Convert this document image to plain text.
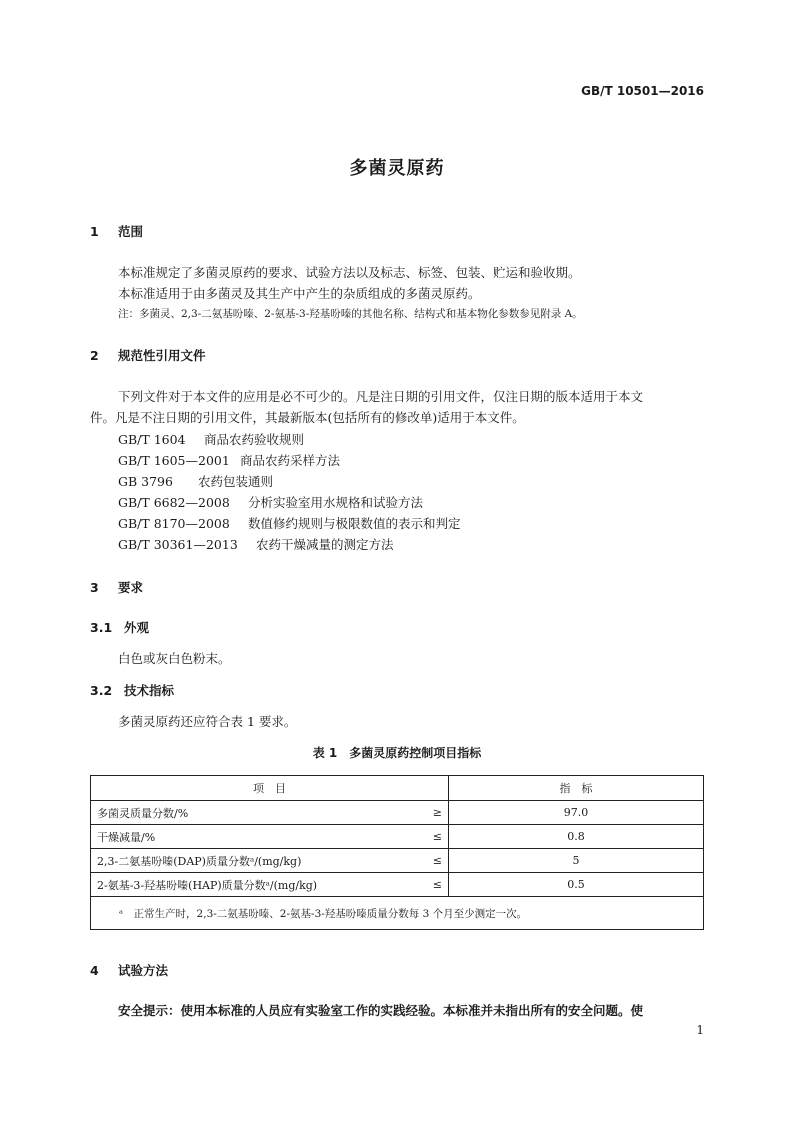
GB/T 10501—2016
多菌灵原药
1 范围
本标准规定了多菌灵原药的要求、试验方法以及标志、标签、包装、贮运和验收期。
本标准适用于由多菌灵及其生产中产生的杂质组成的多菌灵原药。
注：多菌灵、2,3-二氨基吩嗪、2-氨基-3-羟基吩嗪的其他名称、结构式和基本物化参数参见附录 A。
2 规范性引用文件
下列文件对于本文件的应用是必不可少的。凡是注日期的引用文件，仅注日期的版本适用于本文
件。凡是不注日期的引用文件，其最新版本(包括所有的修改单)适用于本文件。
GB/T 1604 商品农药验收规则
GB/T 1605—2001 商品农药采样方法
GB 3796 农药包装通则
GB/T 6682—2008 分析实验室用水规格和试验方法
GB/T 8170—2008 数值修约规则与极限数值的表示和判定
GB/T 30361—2013 农药干燥减量的测定方法
3 要求
3.1 外观
白色或灰白色粉末。
3.2 技术指标
多菌灵原药还应符合表 1 要求。
表 1　多菌灵原药控制项目指标
项　目		指　标
多菌灵质量分数/%	≥	97.0
干燥减量/%	≤	0.8
2,3-二氨基吩嗪(DAP)质量分数ᵃ/(mg/kg)	≤	5
2-氨基-3-羟基吩嗪(HAP)质量分数ᵃ/(mg/kg)	≤	0.5
ᵃ　正常生产时，2,3-二氨基吩嗪、2-氨基-3-羟基吩嗪质量分数每 3 个月至少测定一次。		
4 试验方法
安全提示：使用本标准的人员应有实验室工作的实践经验。本标准并未指出所有的安全问题。使
1
